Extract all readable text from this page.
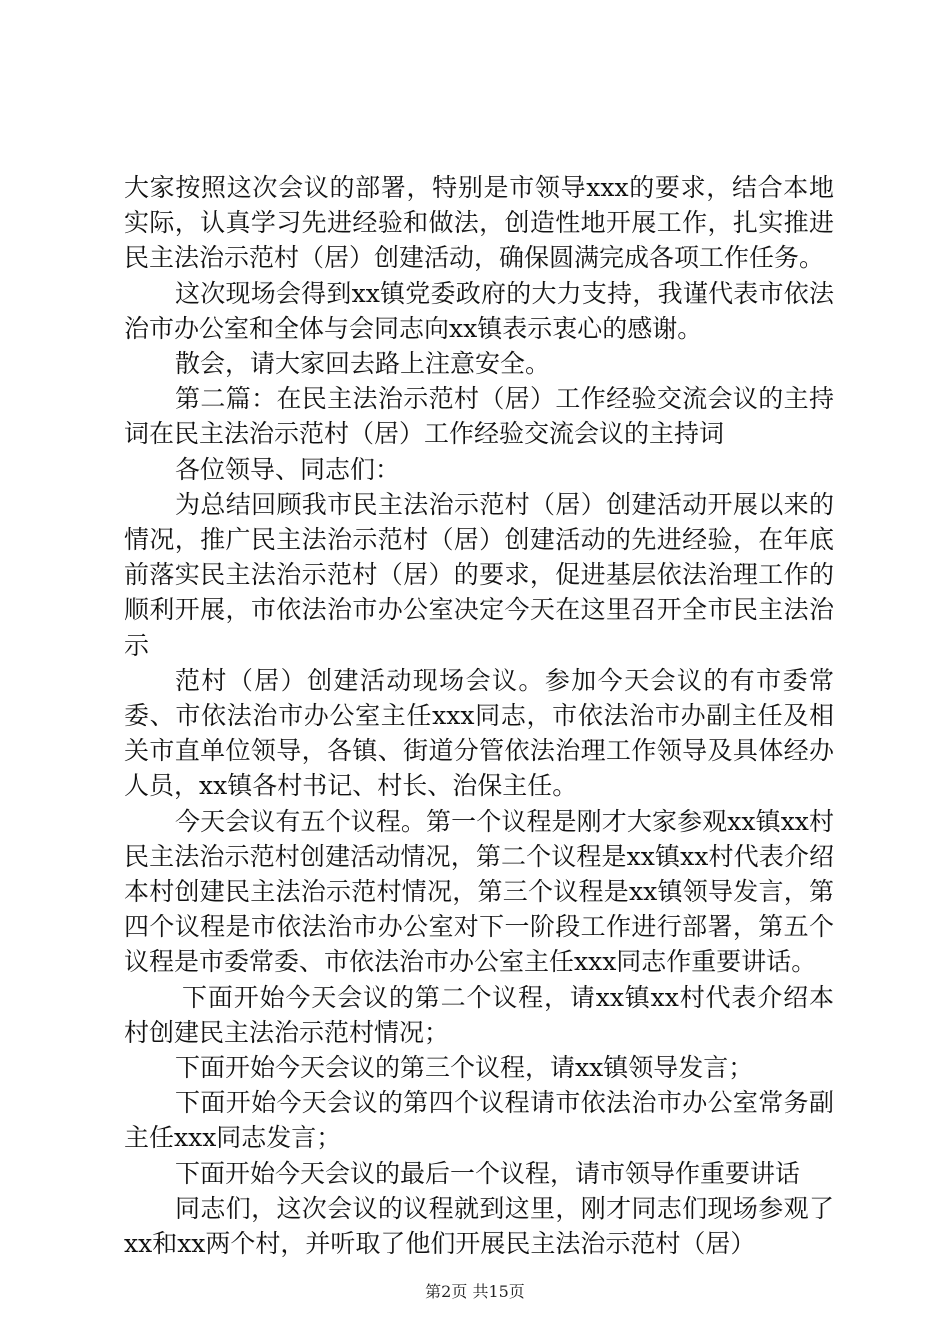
大家按照这次会议的部署，特别是市领导xxx的要求，结合本地实际，认真学习先进经验和做法，创造性地开展工作，扎实推进民主法治示范村（居）创建活动，确保圆满完成各项工作任务。

这次现场会得到xx镇党委政府的大力支持，我谨代表市依法治市办公室和全体与会同志向xx镇表示衷心的感谢。

散会，请大家回去路上注意安全。

第二篇：在民主法治示范村（居）工作经验交流会议的主持词在民主法治示范村（居）工作经验交流会议的主持词

各位领导、同志们：

为总结回顾我市民主法治示范村（居）创建活动开展以来的情况，推广民主法治示范村（居）创建活动的先进经验，在年底前落实民主法治示范村（居）的要求，促进基层依法治理工作的顺利开展，市依法治市办公室决定今天在这里召开全市民主法治示

范村（居）创建活动现场会议。参加今天会议的有市委常委、市依法治市办公室主任xxx同志，市依法治市办副主任及相关市直单位领导，各镇、街道分管依法治理工作领导及具体经办人员，xx镇各村书记、村长、治保主任。

今天会议有五个议程。第一个议程是刚才大家参观xx镇xx村民主法治示范村创建活动情况，第二个议程是xx镇xx村代表介绍本村创建民主法治示范村情况，第三个议程是xx镇领导发言，第四个议程是市依法治市办公室对下一阶段工作进行部署，第五个议程是市委常委、市依法治市办公室主任xxx同志作重要讲话。

下面开始今天会议的第二个议程，请xx镇xx村代表介绍本村创建民主法治示范村情况；

下面开始今天会议的第三个议程，请xx镇领导发言；

下面开始今天会议的第四个议程请市依法治市办公室常务副主任xxx同志发言；

下面开始今天会议的最后一个议程，请市领导作重要讲话

同志们，这次会议的议程就到这里，刚才同志们现场参观了xx和xx两个村，并听取了他们开展民主法治示范村（居）

第2页 共15页
